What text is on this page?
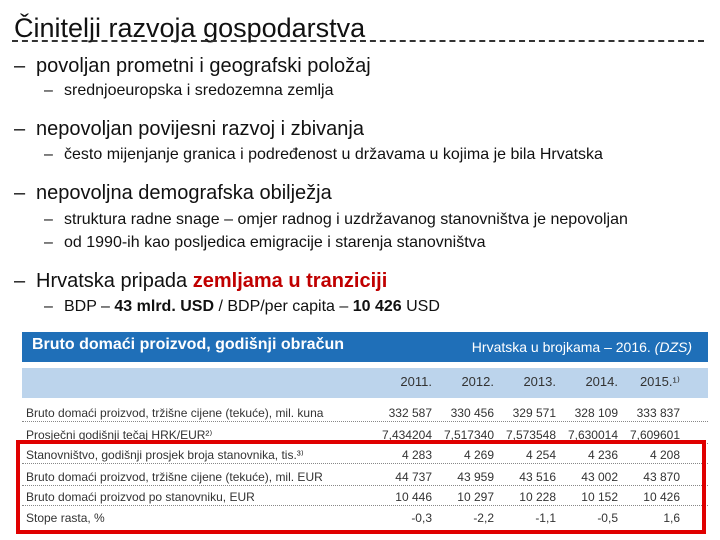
Činitelji razvoja gospodarstva
– povoljan prometni i geografski položaj
– srednjoeuropska i sredozemna zemlja
– nepovoljan povijesni razvoj i zbivanja
– često mijenjanje granica i podređenost u državama u kojima je bila Hrvatska
– nepovoljna demografska obilježja
– struktura radne snage – omjer radnog i uzdržavanog stanovništva je nepovoljan
– od 1990-ih kao posljedica emigracije i starenja stanovništva
– Hrvatska pripada zemljama u tranziciji
– BDP – 43 mlrd. USD / BDP/per capita – 10 426 USD
Bruto domaći proizvod, godišnji obračun	Hrvatska u brojkama – 2016. (DZS)
2011.	2012.	2013.	2014.	2015.¹⁾
Bruto domaći proizvod, tržišne cijene (tekuće), mil. kuna	332 587	330 456	329 571	328 109	333 837
Prosječni godišnji tečaj HRK/EUR²⁾	7,434204 7,517340 7,573548 7,630014 7,609601
Stanovništvo, godišnji prosjek broja stanovnika, tis.³⁾	4 283	4 269	4 254	4 236	4 208
Bruto domaći proizvod, tržišne cijene (tekuće), mil. EUR	44 737	43 959	43 516	43 002	43 870
Bruto domaći proizvod po stanovniku, EUR	10 446	10 297	10 228	10 152	10 426
Stope rasta, %	-0,3	-2,2	-1,1	-0,5	1,6
